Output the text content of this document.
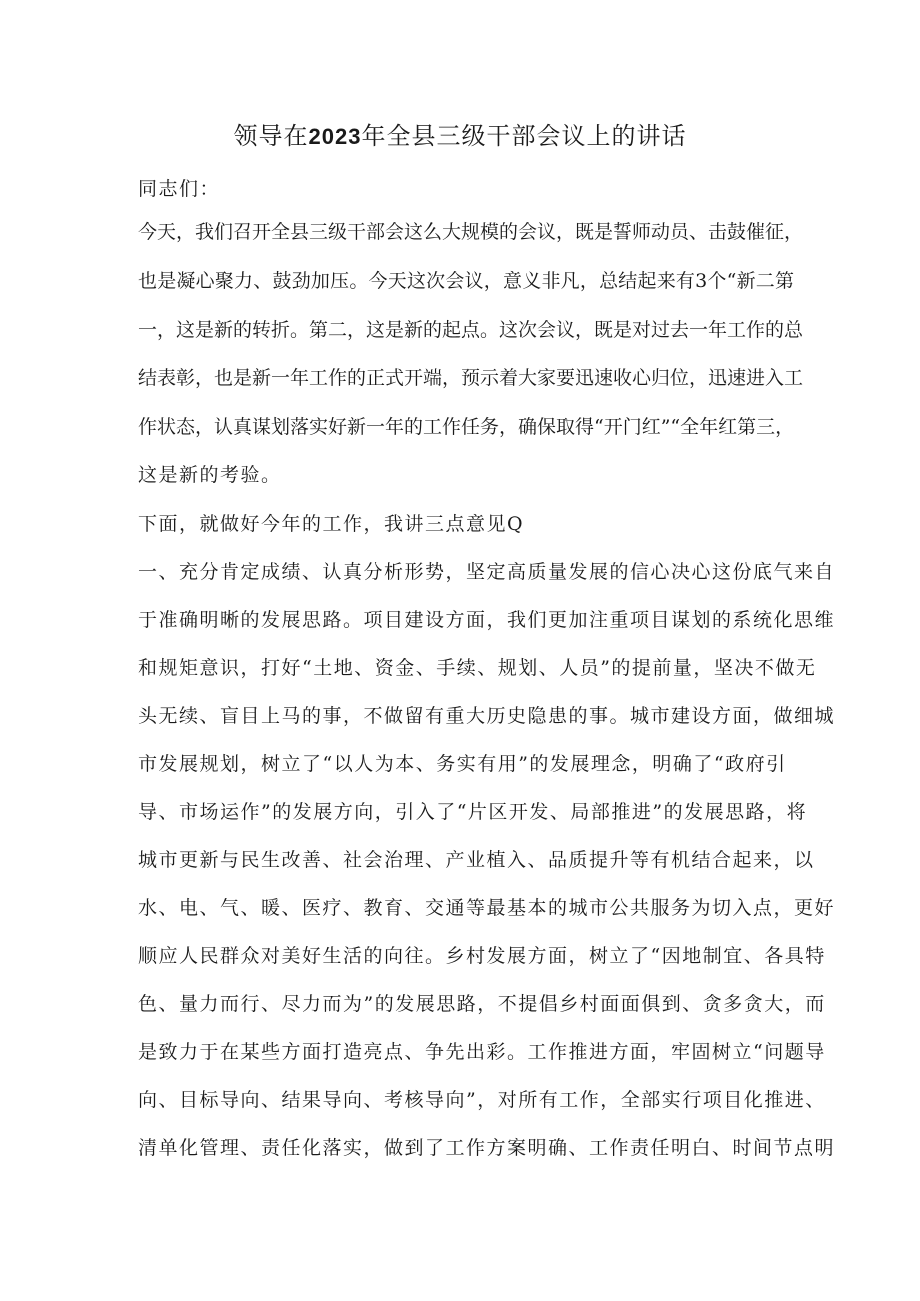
领导在2023年全县三级干部会议上的讲话
同志们：
今天，我们召开全县三级干部会这么大规模的会议，既是誓师动员、击鼓催征，
也是凝心聚力、鼓劲加压。今天这次会议，意义非凡，总结起来有3个“新二第
一，这是新的转折。第二，这是新的起点。这次会议，既是对过去一年工作的总
结表彰，也是新一年工作的正式开端，预示着大家要迅速收心归位，迅速进入工
作状态，认真谋划落实好新一年的工作任务，确保取得“开门红”“全年红第三，
这是新的考验。
下面，就做好今年的工作，我讲三点意见Q
一、充分肯定成绩、认真分析形势，坚定高质量发展的信心决心这份底气来自
于准确明晰的发展思路。项目建设方面，我们更加注重项目谋划的系统化思维
和规矩意识，打好“土地、资金、手续、规划、人员”的提前量，坚决不做无
头无续、盲目上马的事，不做留有重大历史隐患的事。城市建设方面，做细城
市发展规划，树立了“以人为本、务实有用”的发展理念，明确了“政府引
导、市场运作”的发展方向，引入了“片区开发、局部推进”的发展思路，将
城市更新与民生改善、社会治理、产业植入、品质提升等有机结合起来，以
水、电、气、暖、医疗、教育、交通等最基本的城市公共服务为切入点，更好
顺应人民群众对美好生活的向往。乡村发展方面，树立了“因地制宜、各具特
色、量力而行、尽力而为”的发展思路，不提倡乡村面面俱到、贪多贪大，而
是致力于在某些方面打造亮点、争先出彩。工作推进方面，牢固树立“问题导
向、目标导向、结果导向、考核导向”，对所有工作，全部实行项目化推进、
清单化管理、责任化落实，做到了工作方案明确、工作责任明白、时间节点明
